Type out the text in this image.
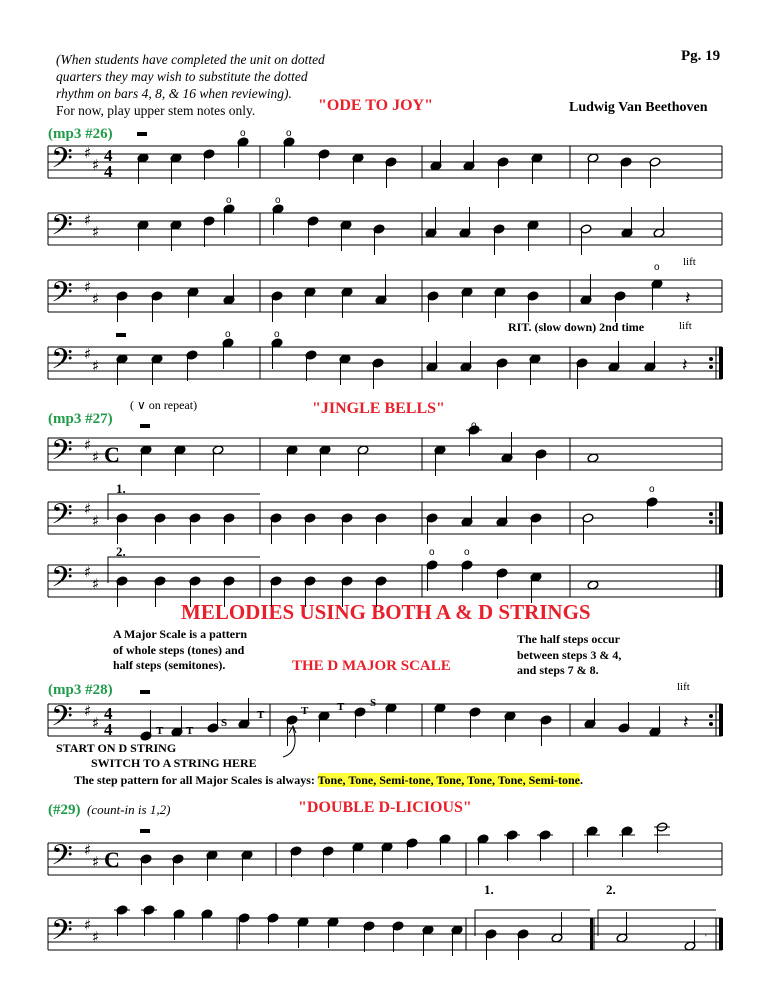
(When students have completed the unit on dotted
quarters they may wish to substitute the dotted
rhythm on bars 4, 8, & 16 when reviewing).
Pg. 19
For now, play upper stem notes only.	"ODE TO JOY"	Ludwig Van Beethoven
(mp3 #26)
RIT. (slow down) 2nd time
lift
lift
(mp3 #27)
( ∨ on repeat)	"JINGLE BELLS"
1.
2.
MELODIES USING BOTH A & D STRINGS
A Major Scale is a pattern
of whole steps (tones) and
half steps (semitones).
The half steps occur
between steps 3 & 4,
and steps 7 & 8.
THE D MAJOR SCALE
(mp3 #28)	lift
START ON D STRING
SWITCH TO A STRING HERE
The step pattern for all Major Scales is always: Tone, Tone, Semi-tone, Tone, Tone, Tone, Semi-tone.
(#29) (count-in is 1,2)	"DOUBLE D-LICIOUS"
1.	2.
'
𝄢 ♯
♯ 4
4
o	o
𝄢 ♯
♯
o	o
𝄢 ♯
♯
o
𝄽
𝄢 ♯
♯
o	o
𝄽
𝄢 ♯
♯ C
o
𝄢 ♯
♯
o
𝄢 ♯
♯
o	o
𝄢 ♯
♯ 4
4	T T
S
T	T	T S
𝄽
𝄢 ♯
♯ C
𝄢 ♯
♯
